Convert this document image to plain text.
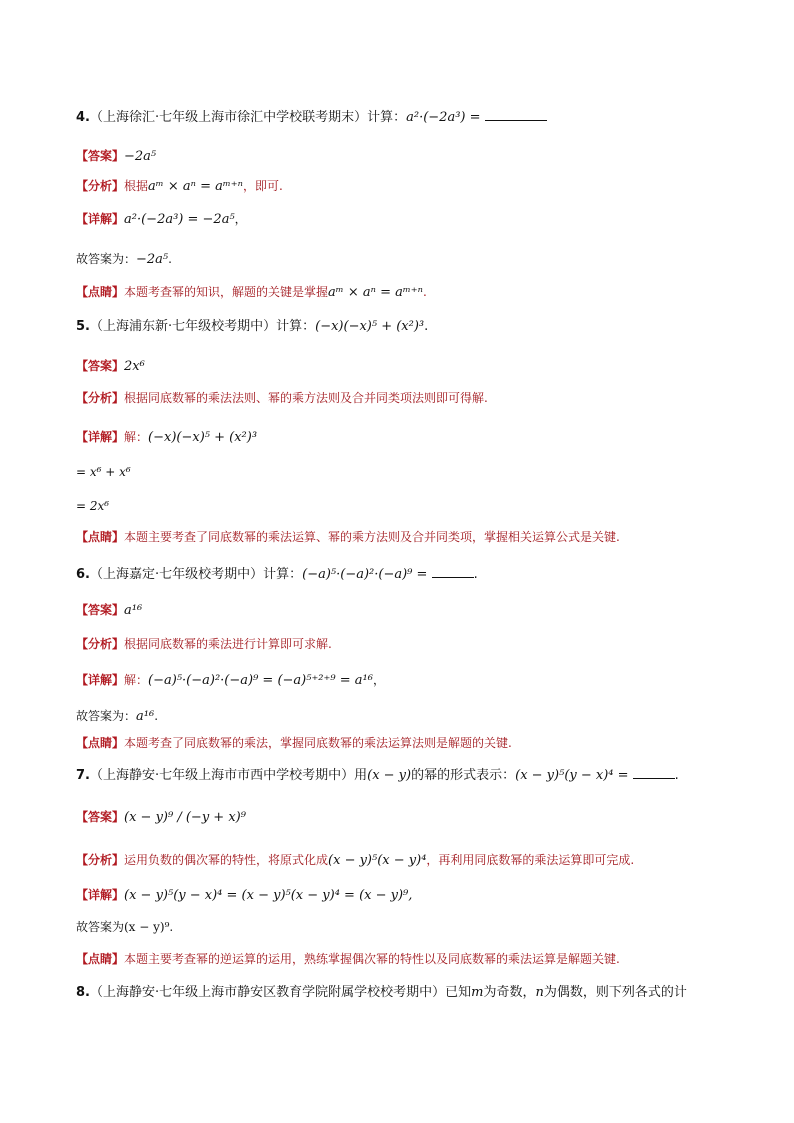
4.（上海徐汇·七年级上海市徐汇中学校联考期末）计算：a²·(−2a³) =
【答案】−2a⁵
【分析】根据aᵐ × aⁿ = aᵐ⁺ⁿ，即可.
【详解】a²·(−2a³) = −2a⁵，
故答案为：−2a⁵.
【点睛】本题考查幂的知识，解题的关键是掌握aᵐ × aⁿ = aᵐ⁺ⁿ.
5.（上海浦东新·七年级校考期中）计算：(−x)(−x)⁵ + (x²)³.
【答案】2x⁶
【分析】根据同底数幂的乘法法则、幂的乘方法则及合并同类项法则即可得解.
【详解】解：(−x)(−x)⁵ + (x²)³
= x⁶ + x⁶
= 2x⁶
【点睛】本题主要考查了同底数幂的乘法运算、幂的乘方法则及合并同类项，掌握相关运算公式是关键.
6.（上海嘉定·七年级校考期中）计算：(−a)⁵·(−a)²·(−a)⁹ =	.
【答案】a¹⁶
【分析】根据同底数幂的乘法进行计算即可求解.
【详解】解：(−a)⁵·(−a)²·(−a)⁹ = (−a)⁵⁺²⁺⁹ = a¹⁶，
故答案为：a¹⁶.
【点睛】本题考查了同底数幂的乘法，掌握同底数幂的乘法运算法则是解题的关键.
7.（上海静安·七年级上海市市西中学校考期中）用(x − y)的幂的形式表示：(x − y)⁵(y − x)⁴ =	.
【答案】(x − y)⁹ / (−y + x)⁹
【分析】运用负数的偶次幂的特性，将原式化成(x − y)⁵(x − y)⁴，再利用同底数幂的乘法运算即可完成.
【详解】(x − y)⁵(y − x)⁴ = (x − y)⁵(x − y)⁴ = (x − y)⁹,
故答案为(x − y)⁹.
【点睛】本题主要考查幂的逆运算的运用，熟练掌握偶次幂的特性以及同底数幂的乘法运算是解题关键.
8.（上海静安·七年级上海市静安区教育学院附属学校校考期中）已知m为奇数，n为偶数，则下列各式的计
